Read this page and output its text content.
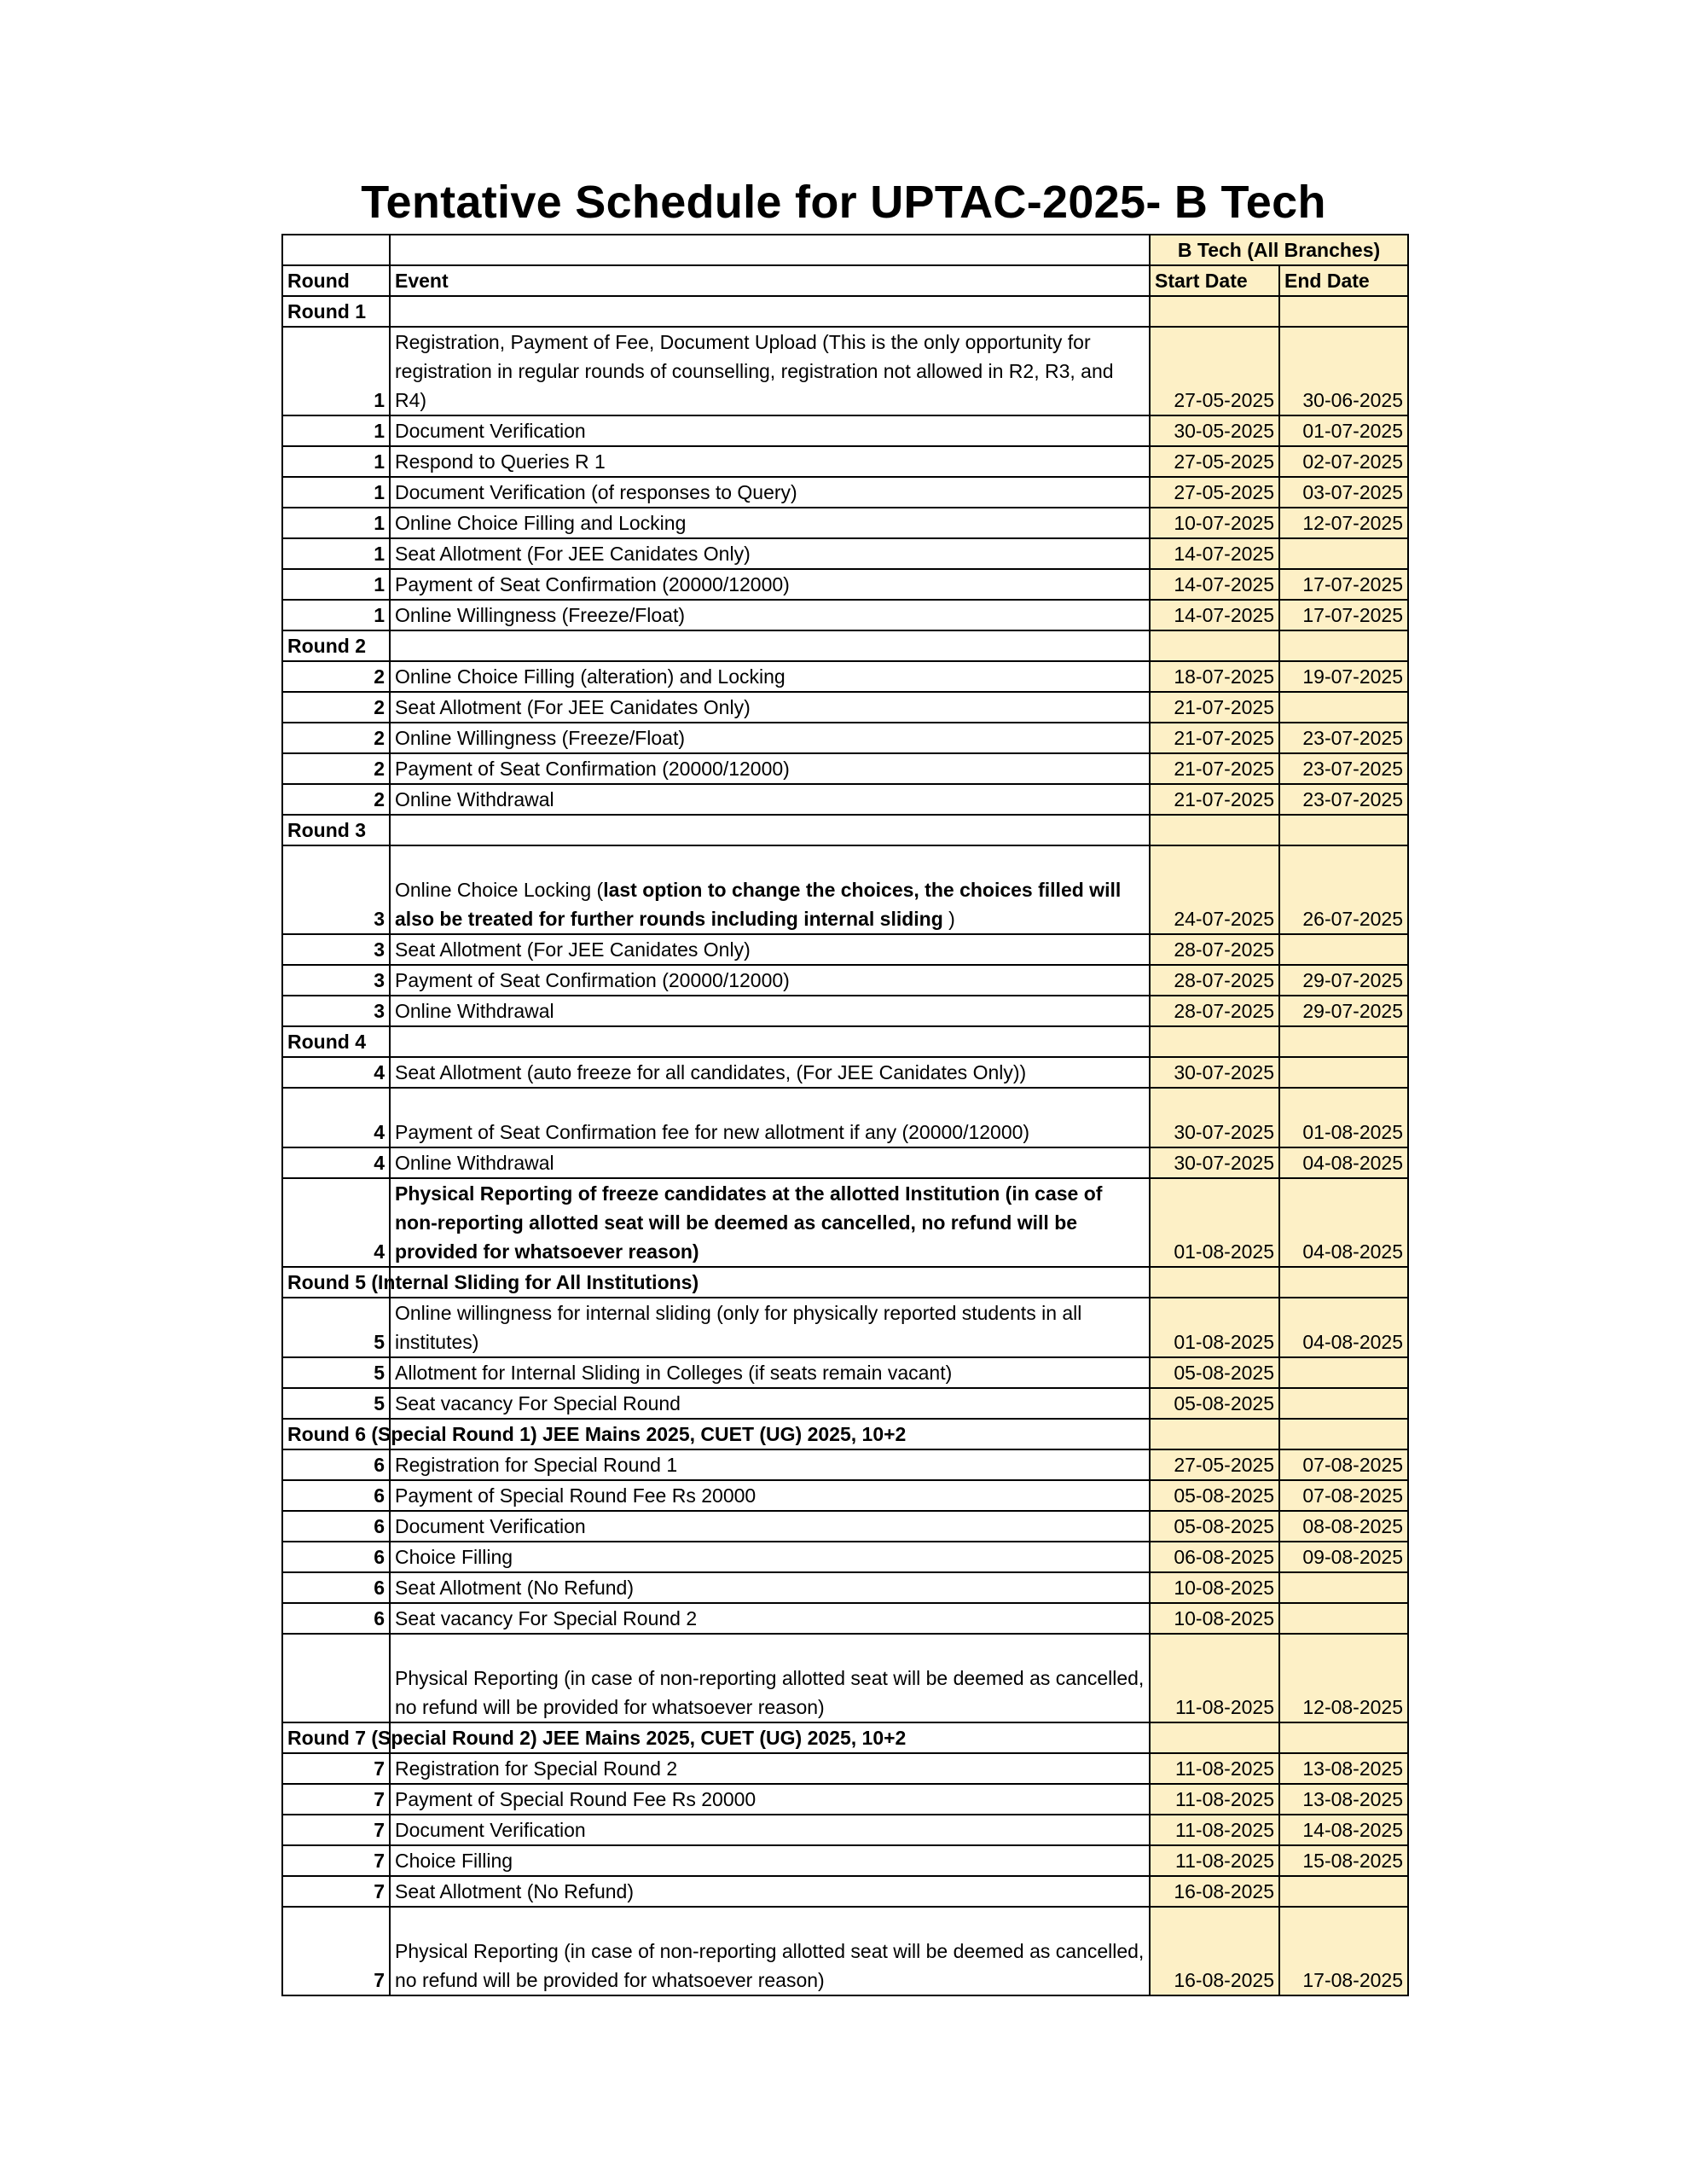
Tentative Schedule for UPTAC-2025- B Tech
		B Tech (All Branches)	
Round	Event	Start Date	End Date
Round 1			
1	Registration, Payment of Fee, Document Upload (This is the only opportunity for registration in regular rounds of counselling, registration not allowed in R2, R3, and R4)	27-05-2025	30-06-2025
1	Document Verification	30-05-2025	01-07-2025
1	Respond to Queries R 1	27-05-2025	02-07-2025
1	Document Verification (of responses to Query)	27-05-2025	03-07-2025
1	Online Choice Filling and Locking	10-07-2025	12-07-2025
1	Seat Allotment (For JEE Canidates Only)	14-07-2025	
1	Payment of Seat Confirmation (20000/12000)	14-07-2025	17-07-2025
1	Online Willingness (Freeze/Float)	14-07-2025	17-07-2025
Round 2			
2	Online Choice Filling (alteration) and Locking	18-07-2025	19-07-2025
2	Seat Allotment (For JEE Canidates Only)	21-07-2025	
2	Online Willingness (Freeze/Float)	21-07-2025	23-07-2025
2	Payment of Seat Confirmation (20000/12000)	21-07-2025	23-07-2025
2	Online Withdrawal	21-07-2025	23-07-2025
Round 3			
3	Online Choice Locking (last option to change the choices, the choices filled will also be treated for further rounds including internal sliding )	24-07-2025	26-07-2025
3	Seat Allotment (For JEE Canidates Only)	28-07-2025	
3	Payment of Seat Confirmation (20000/12000)	28-07-2025	29-07-2025
3	Online Withdrawal	28-07-2025	29-07-2025
Round 4			
4	Seat Allotment (auto freeze for all candidates, (For JEE Canidates Only))	30-07-2025	
4	Payment of Seat Confirmation fee for new allotment if any (20000/12000)	30-07-2025	01-08-2025
4	Online Withdrawal	30-07-2025	04-08-2025
4	Physical Reporting of freeze candidates at the allotted Institution (in case of non-reporting allotted seat will be deemed as cancelled, no refund will be provided for whatsoever reason)	01-08-2025	04-08-2025
Round 5 (Internal Sliding for All Institutions)			
5	Online willingness for internal sliding (only for physically reported students in all institutes)	01-08-2025	04-08-2025
5	Allotment for Internal Sliding in Colleges (if seats remain vacant)	05-08-2025	
5	Seat vacancy For Special Round	05-08-2025	
Round 6 (Special Round 1) JEE Mains 2025, CUET (UG) 2025, 10+2			
6	Registration for Special Round 1	27-05-2025	07-08-2025
6	Payment of Special Round Fee Rs 20000	05-08-2025	07-08-2025
6	Document Verification	05-08-2025	08-08-2025
6	Choice Filling	06-08-2025	09-08-2025
6	Seat Allotment (No Refund)	10-08-2025	
6	Seat vacancy For Special Round 2	10-08-2025	
	Physical Reporting (in case of non-reporting allotted seat will be deemed as cancelled, no refund will be provided for whatsoever reason)	11-08-2025	12-08-2025
Round 7 (Special Round 2) JEE Mains 2025, CUET (UG) 2025, 10+2			
7	Registration for Special Round 2	11-08-2025	13-08-2025
7	Payment of Special Round Fee Rs 20000	11-08-2025	13-08-2025
7	Document Verification	11-08-2025	14-08-2025
7	Choice Filling	11-08-2025	15-08-2025
7	Seat Allotment (No Refund)	16-08-2025	
7	Physical Reporting (in case of non-reporting allotted seat will be deemed as cancelled, no refund will be provided for whatsoever reason)	16-08-2025	17-08-2025
